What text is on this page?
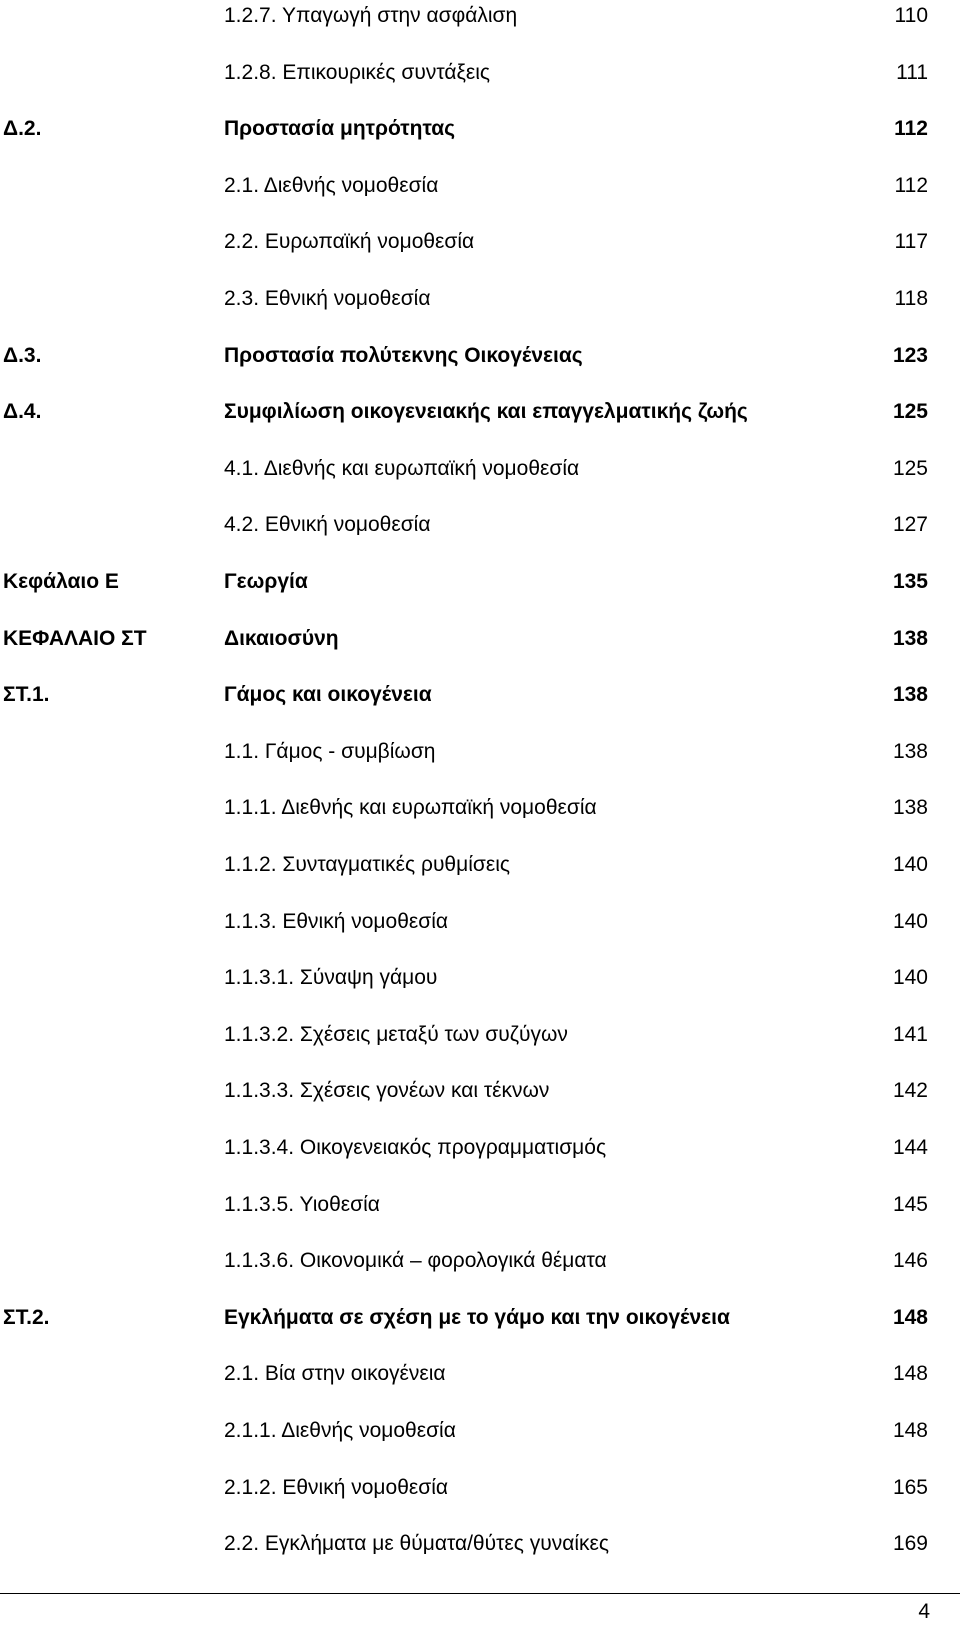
1.2.7. Υπαγωγή στην ασφάλιση	110
1.2.8. Επικουρικές συντάξεις	111
Δ.2.	Προστασία μητρότητας	112
2.1. Διεθνής νομοθεσία	112
2.2. Ευρωπαϊκή νομοθεσία	117
2.3. Εθνική νομοθεσία	118
Δ.3.	Προστασία πολύτεκνης Οικογένειας	123
Δ.4.	Συμφιλίωση οικογενειακής και επαγγελματικής ζωής	125
4.1. Διεθνής και ευρωπαϊκή νομοθεσία	125
4.2. Εθνική νομοθεσία	127
Κεφάλαιο Ε	Γεωργία	135
ΚΕΦΑΛΑΙΟ ΣΤ	Δικαιοσύνη	138
ΣΤ.1.	Γάμος και οικογένεια	138
1.1. Γάμος - συμβίωση	138
1.1.1. Διεθνής και ευρωπαϊκή νομοθεσία	138
1.1.2. Συνταγματικές ρυθμίσεις	140
1.1.3. Εθνική νομοθεσία	140
1.1.3.1. Σύναψη γάμου	140
1.1.3.2. Σχέσεις μεταξύ των συζύγων	141
1.1.3.3. Σχέσεις γονέων και τέκνων	142
1.1.3.4. Οικογενειακός προγραμματισμός	144
1.1.3.5. Υιοθεσία	145
1.1.3.6. Οικονομικά – φορολογικά θέματα	146
ΣΤ.2.	Εγκλήματα σε σχέση με το γάμο και την οικογένεια	148
2.1. Βία στην οικογένεια	148
2.1.1. Διεθνής νομοθεσία	148
2.1.2. Εθνική νομοθεσία	165
2.2. Εγκλήματα με θύματα/θύτες γυναίκες	169
4
